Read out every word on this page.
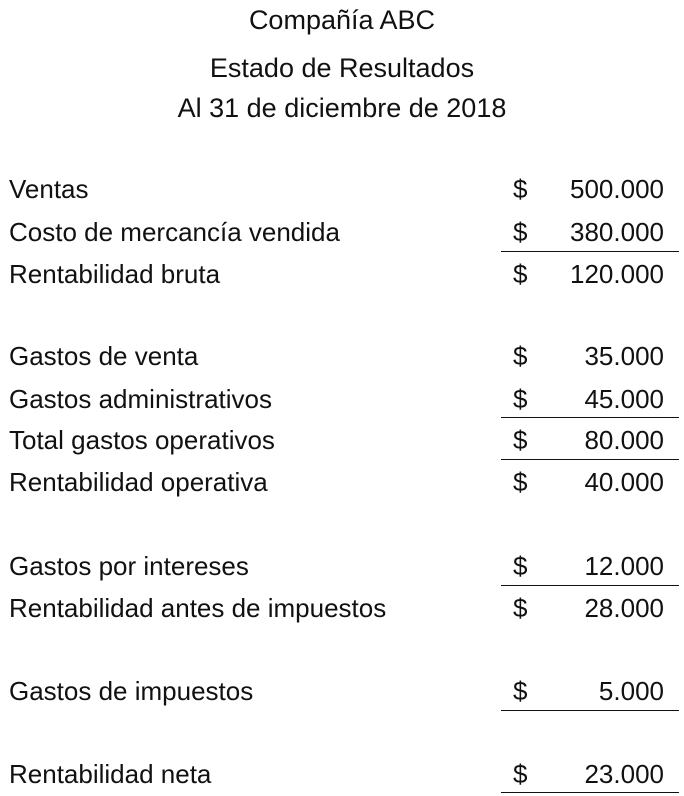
Compañía ABC
Estado de Resultados
Al 31 de diciembre de 2018
Ventas	$ 500.000
Costo de mercancía vendida	$ 380.000
Rentabilidad bruta	$ 120.000
Gastos de venta	$ 35.000
Gastos administrativos	$ 45.000
Total gastos operativos	$ 80.000
Rentabilidad operativa	$ 40.000
Gastos por intereses	$ 12.000
Rentabilidad antes de impuestos	$ 28.000
Gastos de impuestos	$	5.000
Rentabilidad neta	$ 23.000
